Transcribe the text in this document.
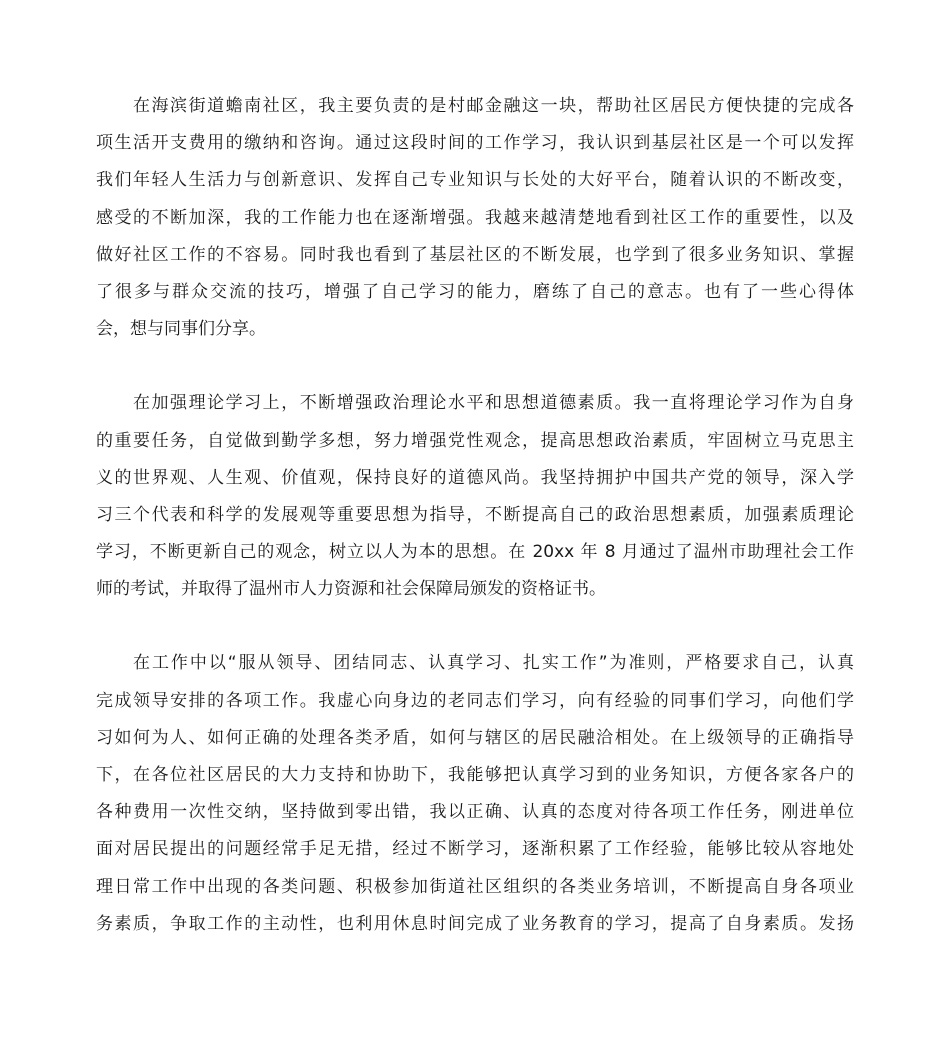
在海滨街道蟾南社区，我主要负责的是村邮金融这一块，帮助社区居民方便快捷的完成各
项生活开支费用的缴纳和咨询。通过这段时间的工作学习，我认识到基层社区是一个可以发挥
我们年轻人生活力与创新意识、发挥自己专业知识与长处的大好平台，随着认识的不断改变，
感受的不断加深，我的工作能力也在逐渐增强。我越来越清楚地看到社区工作的重要性，以及
做好社区工作的不容易。同时我也看到了基层社区的不断发展，也学到了很多业务知识、掌握
了很多与群众交流的技巧，增强了自己学习的能力，磨练了自己的意志。也有了一些心得体
会，想与同事们分享。
在加强理论学习上，不断增强政治理论水平和思想道德素质。我一直将理论学习作为自身
的重要任务，自觉做到勤学多想，努力增强党性观念，提高思想政治素质，牢固树立马克思主
义的世界观、人生观、价值观，保持良好的道德风尚。我坚持拥护中国共产党的领导，深入学
习三个代表和科学的发展观等重要思想为指导，不断提高自己的政治思想素质，加强素质理论
学习，不断更新自己的观念，树立以人为本的思想。在 20xx 年 8 月通过了温州市助理社会工作
师的考试，并取得了温州市人力资源和社会保障局颁发的资格证书。
在工作中以“服从领导、团结同志、认真学习、扎实工作”为准则，严格要求自己，认真
完成领导安排的各项工作。我虚心向身边的老同志们学习，向有经验的同事们学习，向他们学
习如何为人、如何正确的处理各类矛盾，如何与辖区的居民融洽相处。在上级领导的正确指导
下，在各位社区居民的大力支持和协助下，我能够把认真学习到的业务知识，方便各家各户的
各种费用一次性交纳，坚持做到零出错，我以正确、认真的态度对待各项工作任务，刚进单位
面对居民提出的问题经常手足无措，经过不断学习，逐渐积累了工作经验，能够比较从容地处
理日常工作中出现的各类问题、积极参加街道社区组织的各类业务培训，不断提高自身各项业
务素质，争取工作的主动性，也利用休息时间完成了业务教育的学习，提高了自身素质。发扬
